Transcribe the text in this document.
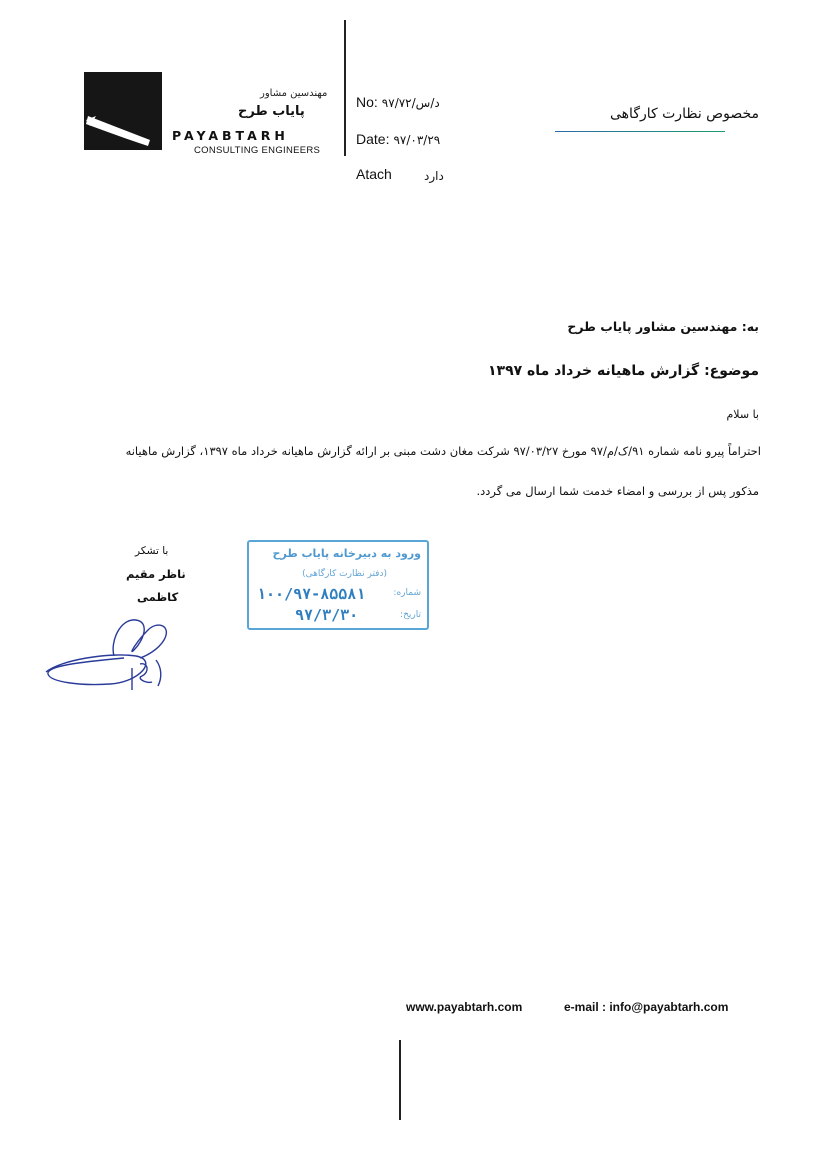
مهندسین مشاور
پایاب طرح
PAYABTARH
CONSULTING ENGINEERS
No: ۹۷/د/س/۷۲
Date: ۹۷/۰۳/۲۹
Atach	دارد
مخصوص نظارت کارگاهی
به: مهندسین مشاور پایاب طرح
موضوع: گزارش ماهیانه خرداد ماه ۱۳۹۷
با سلام
احتراماً پیرو نامه شماره ۹۱/ک/م/۹۷ مورخ ۹۷/۰۳/۲۷ شرکت مغان دشت مبنی بر ارائه گزارش ماهیانه خرداد ماه ۱۳۹۷، گزارش ماهیانه
مذکور پس از بررسی و امضاء خدمت شما ارسال می گردد.
ورود به دبیرخانه پایاب طرح
(دفتر نظارت کارگاهی)
شماره:
۱۰۰/۹۷-۸۵۵۸۱
تاریخ:
۹۷/۳/۳۰
با تشکر
ناظر مقیم
کاظمی
www.payabtarh.com	e-mail : info@payabtarh.com
